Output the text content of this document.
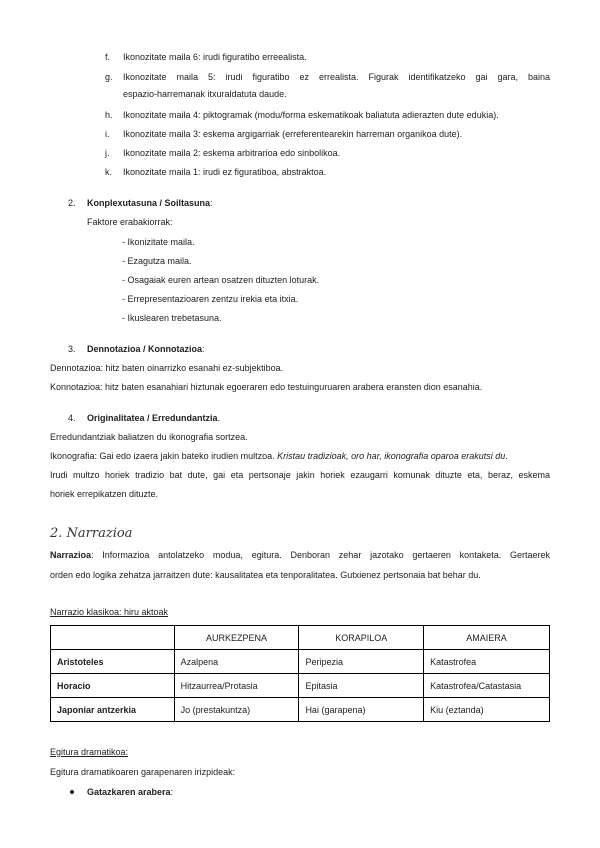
f. Ikonozitate maila 6: irudi figuratibo erreealista.
g. Ikonozitate maila 5: irudi figuratibo ez errealista. Figurak identifikatzeko gai gara, baina
espazio-harremanak itxuraldatuta daude.
h. Ikonozitate maila 4: piktogramak (modu/forma eskematikoak baliatuta adierazten dute edukia).
i. Ikonozitate maila 3: eskema argigarriak (erreferentearekin harreman organikoa dute).
j. Ikonozitate maila 2: eskema arbitrarioa edo sinbolikoa.
k. Ikonozitate maila 1: irudi ez figuratiboa, abstraktoa.
2. Konplexutasuna / Soiltasuna:
Faktore erabakiorrak:
- Ikonizitate maila.
- Ezagutza maila.
- Osagaiak euren artean osatzen dituzten loturak.
- Errepresentazioaren zentzu irekia eta itxia.
- Ikuslearen trebetasuna.
3. Dennotazioa / Konnotazioa:
Dennotazioa: hitz baten oinarrizko esanahi ez-subjektiboa.
Konnotazioa: hitz baten esanahiari hiztunak egoeraren edo testuinguruaren arabera eransten dion esanahia.
4. Originalitatea / Erredundantzia.
Erredundantziak baliatzen du ikonografia sortzea.
Ikonografia: Gai edo izaera jakin bateko irudien multzoa. Kristau tradizioak, oro har, ikonografia oparoa erakutsi du.
Irudi multzo horiek tradizio bat dute, gai eta pertsonaje jakin horiek ezaugarri komunak dituzte eta, beraz, eskema
horiek errepikatzen dituzte.
2. Narrazioa
Narrazioa: Informazioa antolatzeko modua, egitura. Denboran zehar jazotako gertaeren kontaketa. Gertaerek
orden edo logika zehatza jarraitzen dute: kausalitatea eta tenporalitatea. Gutxienez pertsonaia bat behar du.
Narrazio klasikoa: hiru aktoak
	AURKEZPENA	KORAPILOA	AMAIERA
Aristoteles	Azalpena	Peripezia	Katastrofea
Horacio	Hitzaurrea/Protasia	Epitasia	Katastrofea/Catastasia
Japoniar antzerkia	Jo (prestakuntza)	Hai (garapena)	Kiu (eztanda)
Egitura dramatikoa:
Egitura dramatikoaren garapenaren irizpideak:
Gatazkaren arabera:
